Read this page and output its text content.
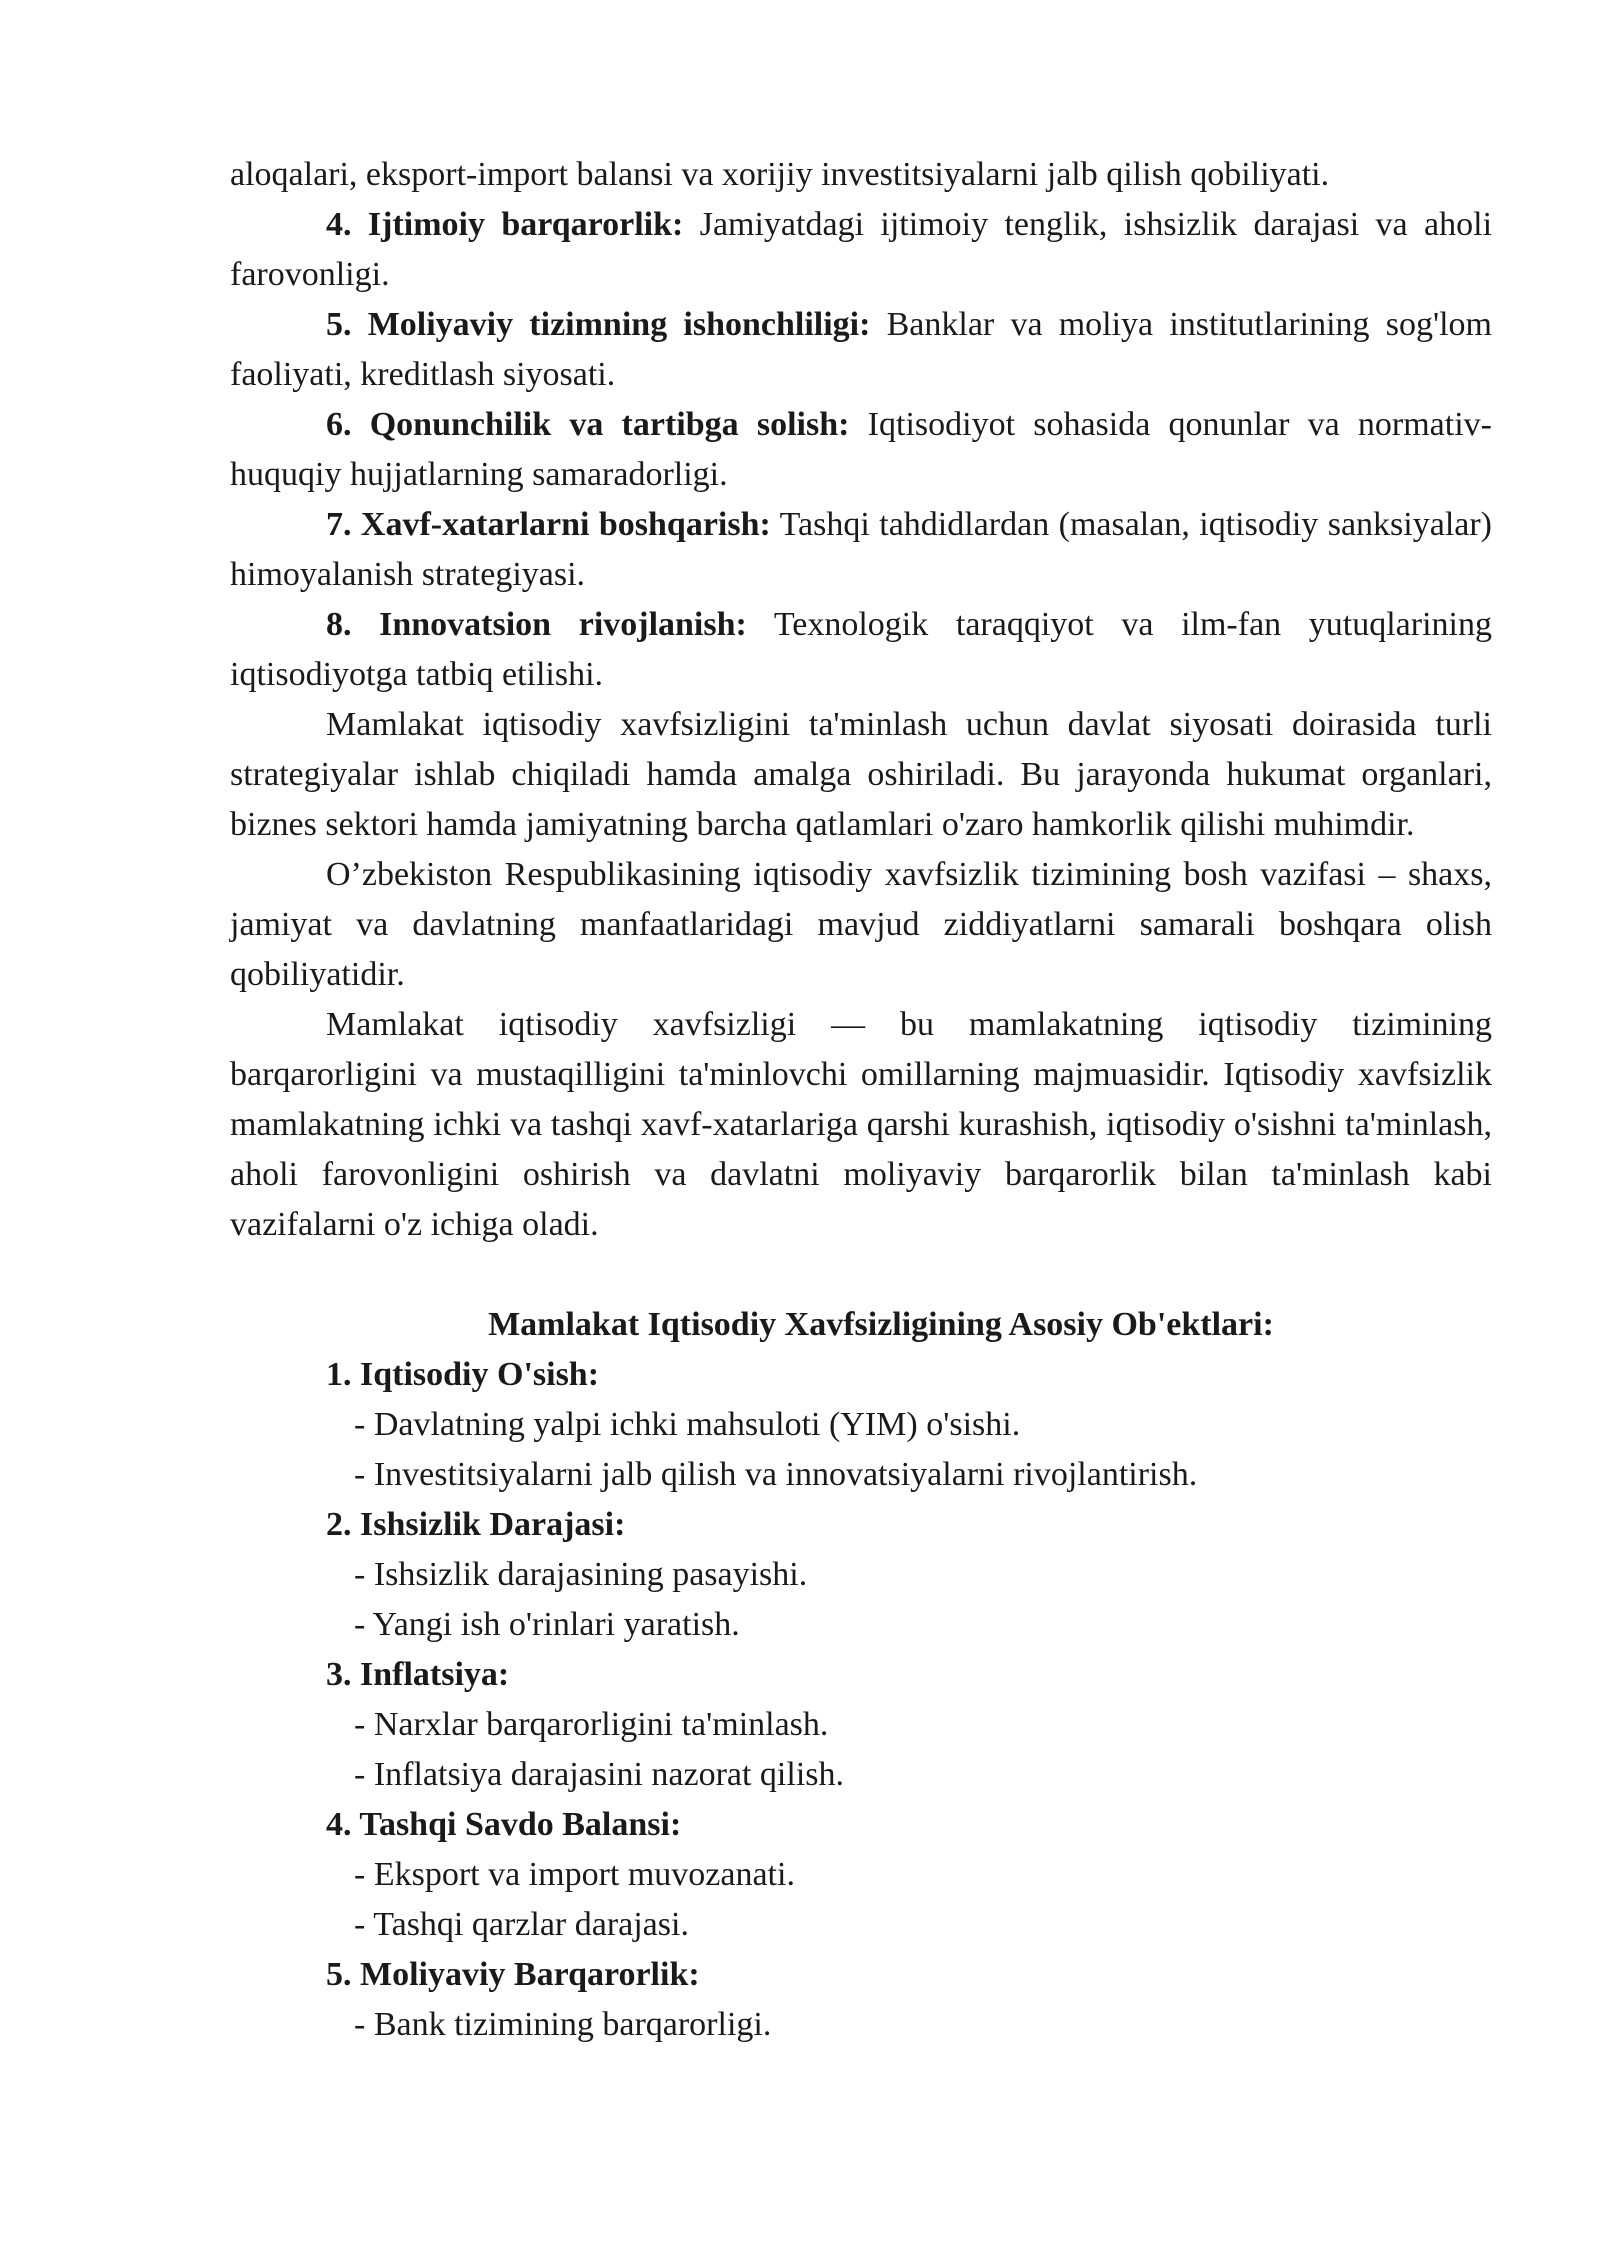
aloqalari, eksport-import balansi va xorijiy investitsiyalarni jalb qilish qobiliyati.

4. Ijtimoiy barqarorlik: Jamiyatdagi ijtimoiy tenglik, ishsizlik darajasi va aholi farovonligi.

5. Moliyaviy tizimning ishonchliligi: Banklar va moliya institutlarining sog'lom faoliyati, kreditlash siyosati.

6. Qonunchilik va tartibga solish: Iqtisodiyot sohasida qonunlar va normativ-huquqiy hujjatlarning samaradorligi.

7. Xavf-xatarlarni boshqarish: Tashqi tahdidlardan (masalan, iqtisodiy sanksiyalar) himoyalanish strategiyasi.

8. Innovatsion rivojlanish: Texnologik taraqqiyot va ilm-fan yutuqlarining iqtisodiyotga tatbiq etilishi.

Mamlakat iqtisodiy xavfsizligini ta'minlash uchun davlat siyosati doirasida turli strategiyalar ishlab chiqiladi hamda amalga oshiriladi. Bu jarayonda hukumat organlari, biznes sektori hamda jamiyatning barcha qatlamlari o'zaro hamkorlik qilishi muhimdir.

O’zbekiston Respublikasining iqtisodiy xavfsizlik tizimining bosh vazifasi – shaxs, jamiyat va davlatning manfaatlaridagi mavjud ziddiyatlarni samarali boshqara olish qobiliyatidir.

Mamlakat iqtisodiy xavfsizligi — bu mamlakatning iqtisodiy tizimining barqarorligini va mustaqilligini ta'minlovchi omillarning majmuasidir. Iqtisodiy xavfsizlik mamlakatning ichki va tashqi xavf-xatarlariga qarshi kurashish, iqtisodiy o'sishni ta'minlash, aholi farovonligini oshirish va davlatni moliyaviy barqarorlik bilan ta'minlash kabi vazifalarni o'z ichiga oladi.

Mamlakat Iqtisodiy Xavfsizligining Asosiy Ob'ektlari:

1. Iqtisodiy O'sish:

- Davlatning yalpi ichki mahsuloti (YIM) o'sishi.

- Investitsiyalarni jalb qilish va innovatsiyalarni rivojlantirish.

2. Ishsizlik Darajasi:

- Ishsizlik darajasining pasayishi.

- Yangi ish o'rinlari yaratish.

3. Inflatsiya:

- Narxlar barqarorligini ta'minlash.

- Inflatsiya darajasini nazorat qilish.

4. Tashqi Savdo Balansi:

- Eksport va import muvozanati.

- Tashqi qarzlar darajasi.

5. Moliyaviy Barqarorlik:

- Bank tizimining barqarorligi.
